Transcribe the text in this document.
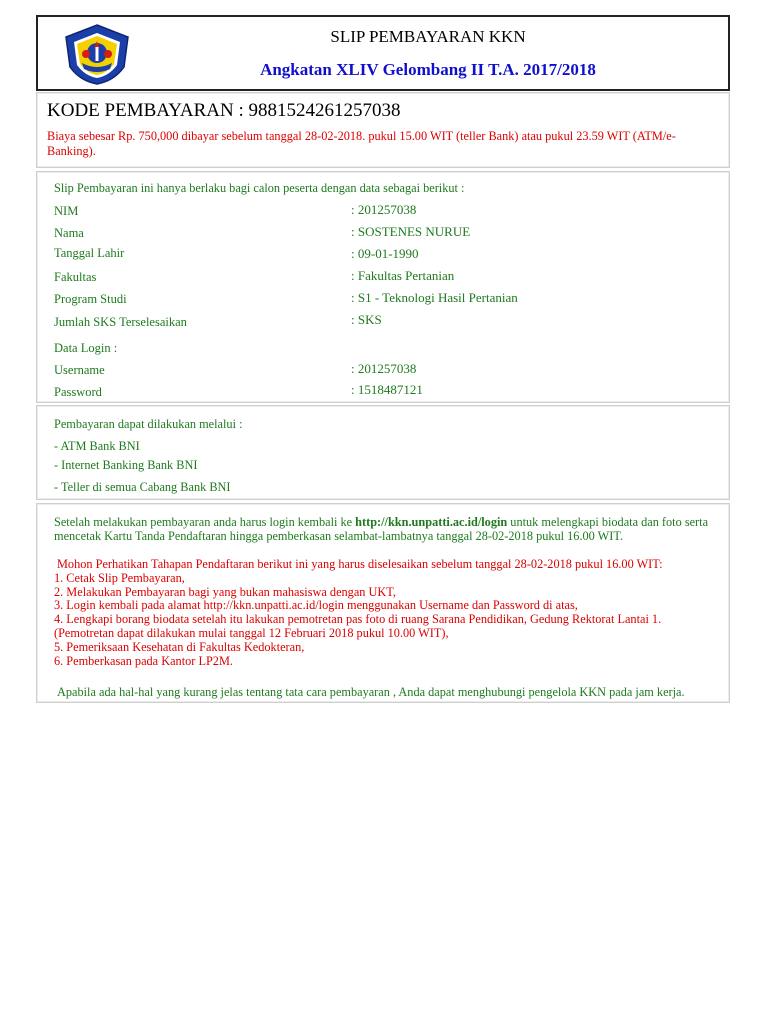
SLIP PEMBAYARAN KKN
Angkatan XLIV Gelombang II T.A. 2017/2018
KODE PEMBAYARAN : 9881524261257038
Biaya sebesar Rp. 750,000 dibayar sebelum tanggal 28-02-2018. pukul 15.00 WIT (teller Bank) atau pukul 23.59 WIT (ATM/e-Banking).
Slip Pembayaran ini hanya berlaku bagi calon peserta dengan data sebagai berikut :
NIM	: 201257038
Nama	: SOSTENES NURUE
Tanggal Lahir	: 09-01-1990
Fakultas	: Fakultas Pertanian
Program Studi	: S1 - Teknologi Hasil Pertanian
Jumlah SKS Terselesaikan	: SKS
Data Login :
Username	: 201257038
Password	: 1518487121
Pembayaran dapat dilakukan melalui :
- ATM Bank BNI
- Internet Banking Bank BNI
- Teller di semua Cabang Bank BNI
Setelah melakukan pembayaran anda harus login kembali ke http://kkn.unpatti.ac.id/login untuk melengkapi biodata dan foto serta mencetak Kartu Tanda Pendaftaran hingga pemberkasan selambat-lambatnya tanggal 28-02-2018 pukul 16.00 WIT.
Mohon Perhatikan Tahapan Pendaftaran berikut ini yang harus diselesaikan sebelum tanggal 28-02-2018 pukul 16.00 WIT:
1. Cetak Slip Pembayaran,
2. Melakukan Pembayaran bagi yang bukan mahasiswa dengan UKT,
3. Login kembali pada alamat http://kkn.unpatti.ac.id/login menggunakan Username dan Password di atas,
4. Lengkapi borang biodata setelah itu lakukan pemotretan pas foto di ruang Sarana Pendidikan, Gedung Rektorat Lantai 1.
(Pemotretan dapat dilakukan mulai tanggal 12 Februari 2018 pukul 10.00 WIT),
5. Pemeriksaan Kesehatan di Fakultas Kedokteran,
6. Pemberkasan pada Kantor LP2M.
Apabila ada hal-hal yang kurang jelas tentang tata cara pembayaran , Anda dapat menghubungi pengelola KKN pada jam kerja.
